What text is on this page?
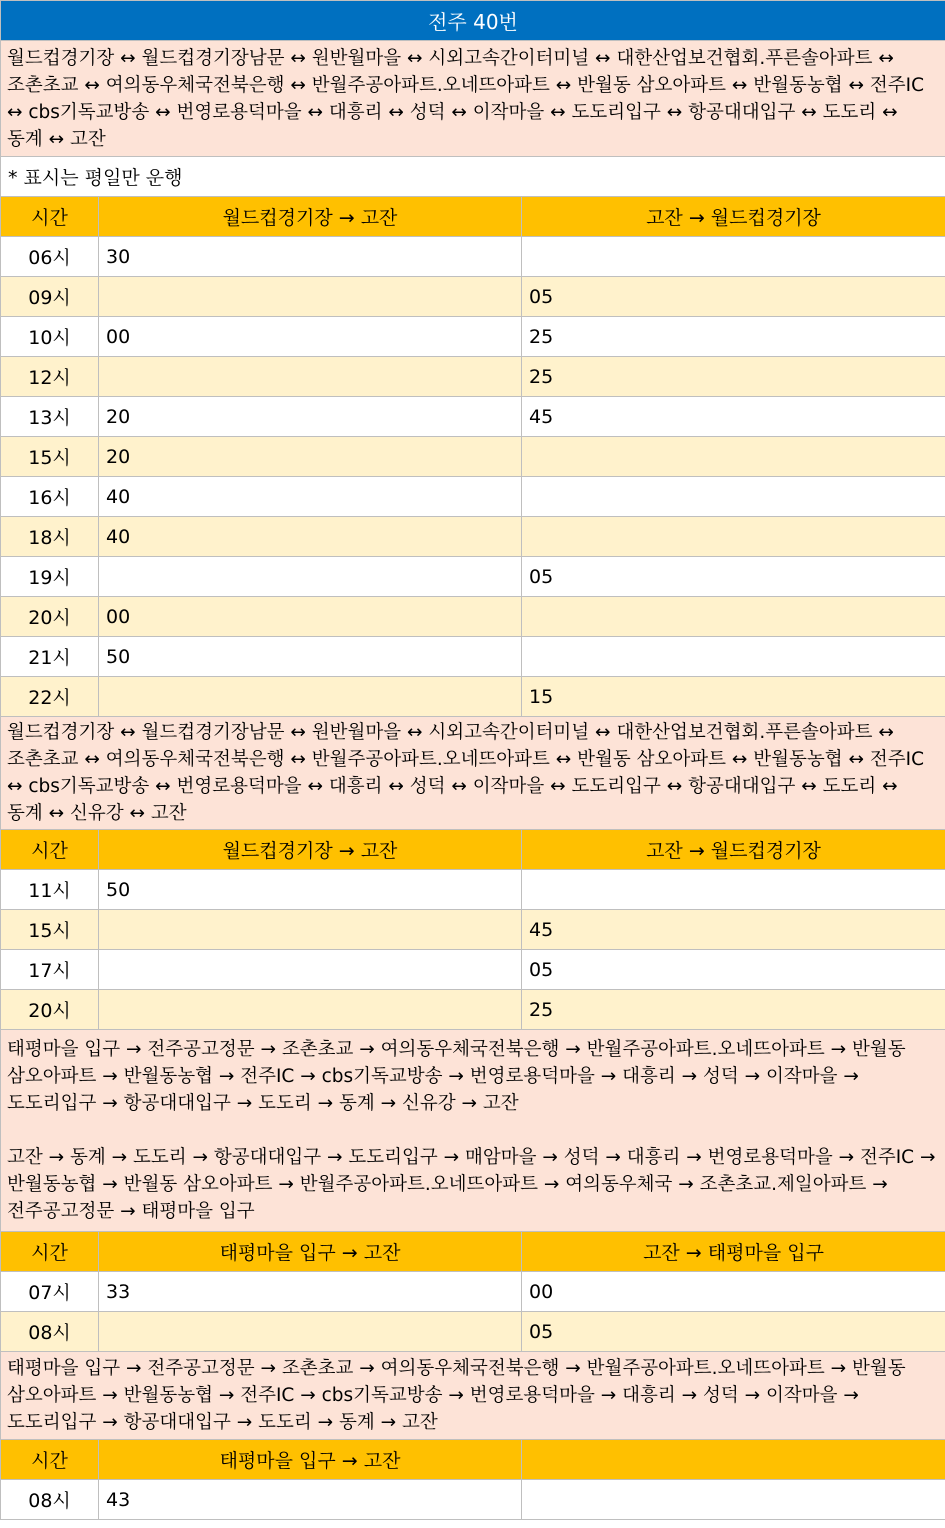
전주 40번		

월드컵경기장 ↔ 월드컵경기장남문 ↔ 원반월마을 ↔ 시외고속간이터미널 ↔ 대한산업보건협회.푸른솔아파트 ↔ 조촌초교 ↔ 여의동우체국전북은행 ↔ 반월주공아파트.오네뜨아파트 ↔ 반월동 삼오아파트 ↔ 반월동농협 ↔ 전주IC ↔ cbs기독교방송 ↔ 번영로용덕마을 ↔ 대흥리 ↔ 성덕 ↔ 이작마을 ↔ 도도리입구 ↔ 항공대대입구 ↔ 도도리 ↔ 동계 ↔ 고잔		

* 표시는 평일만 운행		
시간	월드컵경기장 → 고잔	고잔 → 월드컵경기장
06시	30	
09시		05
10시	00	25
12시		25
13시	20	45
15시	20	
16시	40	
18시	40	
19시		05
20시	00	
21시	50	
22시		15

월드컵경기장 ↔ 월드컵경기장남문 ↔ 원반월마을 ↔ 시외고속간이터미널 ↔ 대한산업보건협회.푸른솔아파트 ↔ 조촌초교 ↔ 여의동우체국전북은행 ↔ 반월주공아파트.오네뜨아파트 ↔ 반월동 삼오아파트 ↔ 반월동농협 ↔ 전주IC ↔ cbs기독교방송 ↔ 번영로용덕마을 ↔ 대흥리 ↔ 성덕 ↔ 이작마을 ↔ 도도리입구 ↔ 항공대대입구 ↔ 도도리 ↔ 동계 ↔ 신유강 ↔ 고잔		

시간	월드컵경기장 → 고잔	고잔 → 월드컵경기장
11시	50	
15시		45
17시		05
20시		25

태평마을 입구 → 전주공고정문 → 조촌초교 → 여의동우체국전북은행 → 반월주공아파트.오네뜨아파트 → 반월동 삼오아파트 → 반월동농협 → 전주IC → cbs기독교방송 → 번영로용덕마을 → 대흥리 → 성덕 → 이작마을 → 도도리입구 → 항공대대입구 → 도도리 → 동계 → 신유강 → 고잔
고잔 → 동계 → 도도리 → 항공대대입구 → 도도리입구 → 매암마을 → 성덕 → 대흥리 → 번영로용덕마을 → 전주IC → 반월동농협 → 반월동 삼오아파트 → 반월주공아파트.오네뜨아파트 → 여의동우체국 → 조촌초교.제일아파트 → 전주공고정문 → 태평마을 입구		

시간	태평마을 입구 → 고잔	고잔 → 태평마을 입구
07시	33	00
08시		05

태평마을 입구 → 전주공고정문 → 조촌초교 → 여의동우체국전북은행 → 반월주공아파트.오네뜨아파트 → 반월동 삼오아파트 → 반월동농협 → 전주IC → cbs기독교방송 → 번영로용덕마을 → 대흥리 → 성덕 → 이작마을 → 도도리입구 → 항공대대입구 → 도도리 → 동계 → 고잔		

시간	태평마을 입구 → 고잔	
08시	43	
